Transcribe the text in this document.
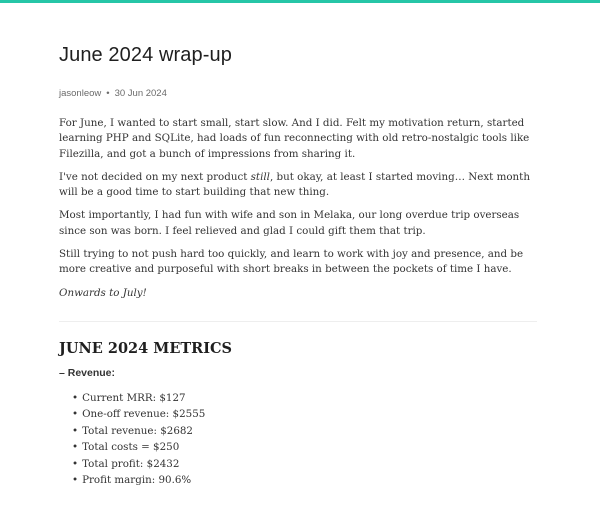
June 2024 wrap-up
jasonleow • 30 Jun 2024

For June, I wanted to start small, start slow. And I did. Felt my motivation return, started learning PHP and SQLite, had loads of fun reconnecting with old retro-nostalgic tools like Filezilla, and got a bunch of impressions from sharing it.

I've not decided on my next product still, but okay, at least I started moving… Next month will be a good time to start building that new thing.

Most importantly, I had fun with wife and son in Melaka, our long overdue trip overseas since son was born. I feel relieved and glad I could gift them that trip.

Still trying to not push hard too quickly, and learn to work with joy and presence, and be more creative and purposeful with short breaks in between the pockets of time I have.

Onwards to July!

JUNE 2024 METRICS
– Revenue:
• Current MRR: $127
• One-off revenue: $2555
• Total revenue: $2682
• Total costs = $250
• Total profit: $2432
• Profit margin: 90.6%
